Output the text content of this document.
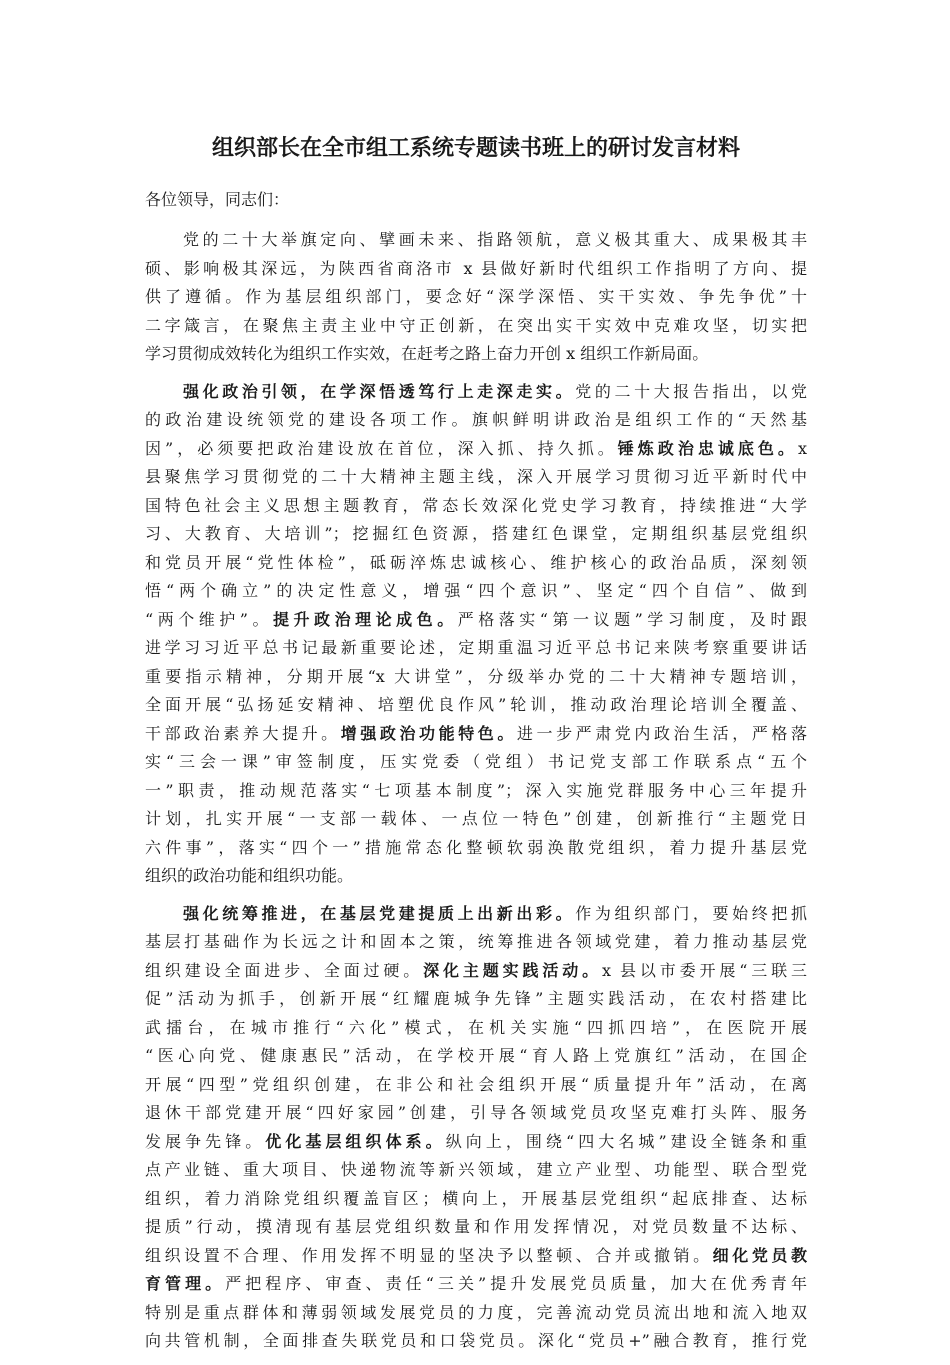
组织部长在全市组工系统专题读书班上的研讨发言材料
各位领导，同志们：
党的二十大举旗定向、擘画未来、指路领航，意义极其重大、成果极其丰
硕、影响极其深远，为陕西省商洛市 x 县做好新时代组织工作指明了方向、提
供了遵循。作为基层组织部门，要念好“深学深悟、实干实效、争先争优”十
二字箴言，在聚焦主责主业中守正创新，在突出实干实效中克难攻坚，切实把
学习贯彻成效转化为组织工作实效，在赶考之路上奋力开创 x 组织工作新局面。
强化政治引领，在学深悟透笃行上走深走实。党的二十大报告指出，以党
的政治建设统领党的建设各项工作。旗帜鲜明讲政治是组织工作的“天然基
因”，必须要把政治建设放在首位，深入抓、持久抓。锤炼政治忠诚底色。x
县聚焦学习贯彻党的二十大精神主题主线，深入开展学习贯彻习近平新时代中
国特色社会主义思想主题教育，常态长效深化党史学习教育，持续推进“大学
习、大教育、大培训”；挖掘红色资源，搭建红色课堂，定期组织基层党组织
和党员开展“党性体检”，砥砺淬炼忠诚核心、维护核心的政治品质，深刻领
悟“两个确立”的决定性意义，增强“四个意识”、坚定“四个自信”、做到
“两个维护”。提升政治理论成色。严格落实“第一议题”学习制度，及时跟
进学习习近平总书记最新重要论述，定期重温习近平总书记来陕考察重要讲话
重要指示精神，分期开展“x 大讲堂”，分级举办党的二十大精神专题培训，
全面开展“弘扬延安精神、培塑优良作风”轮训，推动政治理论培训全覆盖、
干部政治素养大提升。增强政治功能特色。进一步严肃党内政治生活，严格落
实“三会一课”审签制度，压实党委（党组）书记党支部工作联系点“五个
一”职责，推动规范落实“七项基本制度”；深入实施党群服务中心三年提升
计划，扎实开展“一支部一载体、一点位一特色”创建，创新推行“主题党日
六件事”，落实“四个一”措施常态化整顿软弱涣散党组织，着力提升基层党
组织的政治功能和组织功能。
强化统筹推进，在基层党建提质上出新出彩。作为组织部门，要始终把抓
基层打基础作为长远之计和固本之策，统筹推进各领域党建，着力推动基层党
组织建设全面进步、全面过硬。深化主题实践活动。x 县以市委开展“三联三
促”活动为抓手，创新开展“红耀鹿城争先锋”主题实践活动，在农村搭建比
武擂台，在城市推行“六化”模式，在机关实施“四抓四培”，在医院开展
“医心向党、健康惠民”活动，在学校开展“育人路上党旗红”活动，在国企
开展“四型”党组织创建，在非公和社会组织开展“质量提升年”活动，在离
退休干部党建开展“四好家园”创建，引导各领域党员攻坚克难打头阵、服务
发展争先锋。优化基层组织体系。纵向上，围绕“四大名城”建设全链条和重
点产业链、重大项目、快递物流等新兴领域，建立产业型、功能型、联合型党
组织，着力消除党组织覆盖盲区；横向上，开展基层党组织“起底排查、达标
提质”行动，摸清现有基层党组织数量和作用发挥情况，对党员数量不达标、
组织设置不合理、作用发挥不明显的坚决予以整顿、合并或撤销。细化党员教
育管理。严把程序、审查、责任“三关”提升发展党员质量，加大在优秀青年
特别是重点群体和薄弱领域发展党员的力度，完善流动党员流出地和流入地双
向共管机制，全面排查失联党员和口袋党员。深化“党员+”融合教育，推行党
